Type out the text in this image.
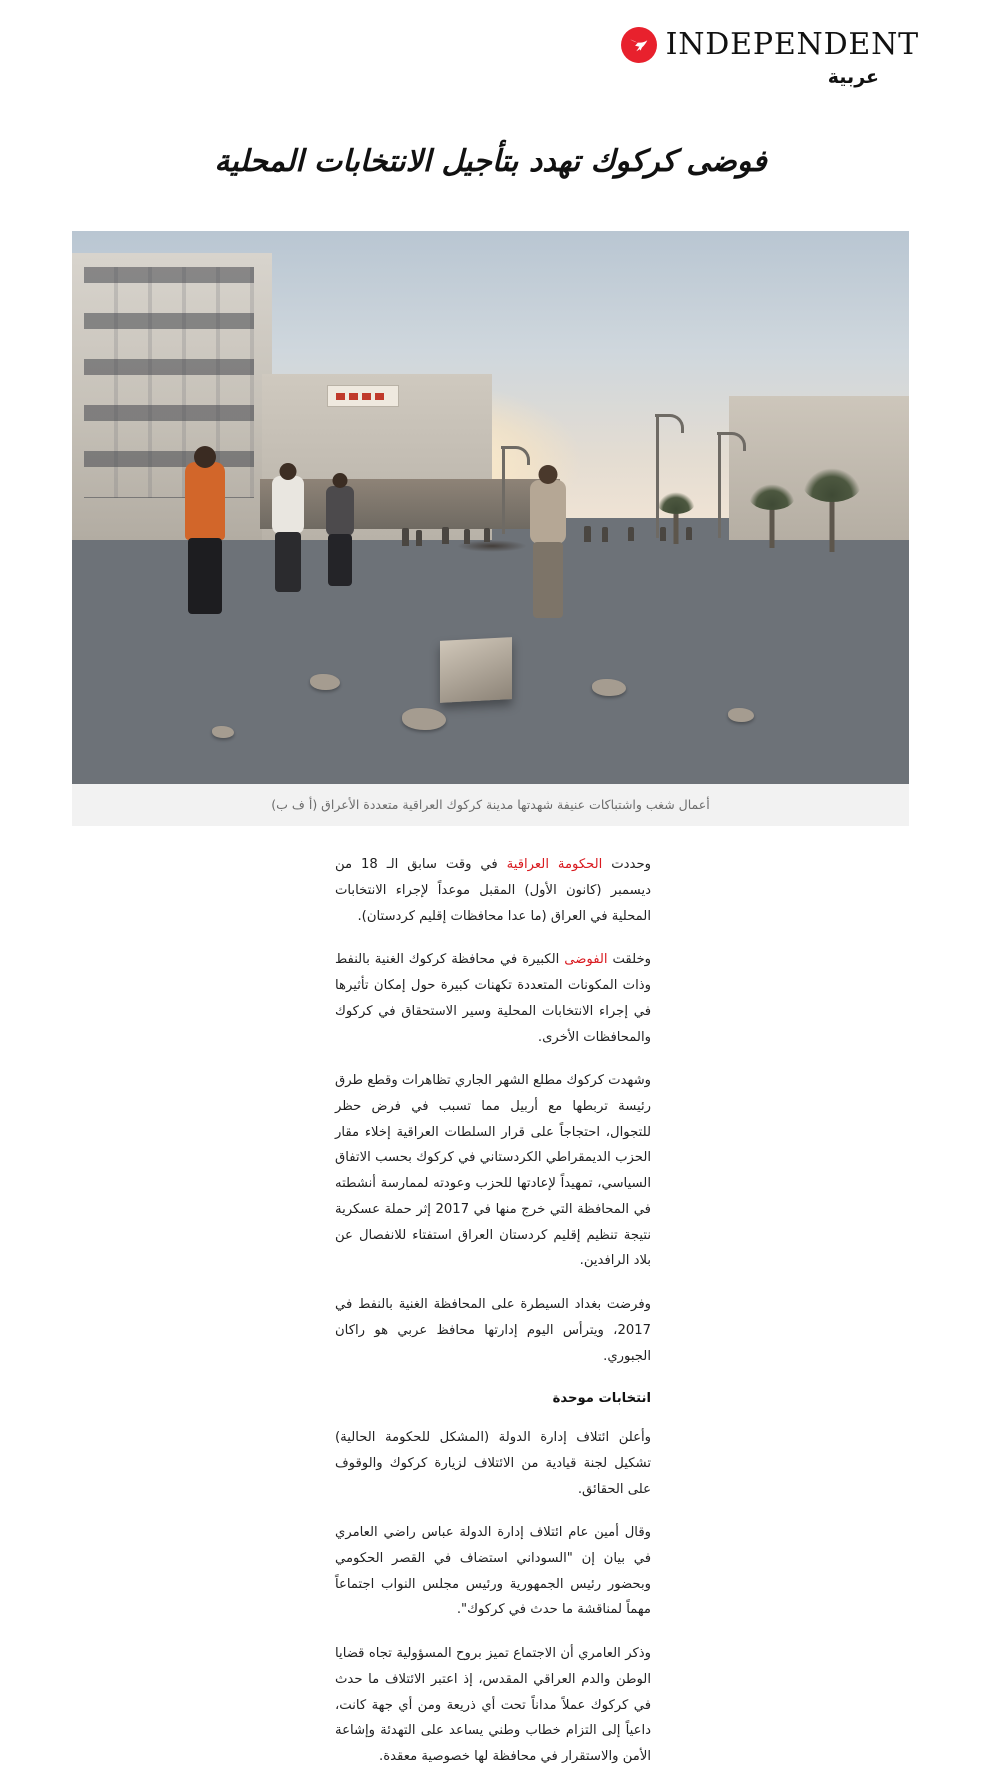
INDEPENDENT
عربية
فوضى كركوك تهدد بتأجيل الانتخابات المحلية
أعمال شغب واشتباكات عنيفة شهدتها مدينة كركوك العراقية متعددة الأعراق (أ ف ب)

وحددت الحكومة العراقية في وقت سابق الـ 18 من ديسمبر (كانون الأول) المقبل موعداً لإجراء الانتخابات المحلية في العراق (ما عدا محافظات إقليم كردستان).

وخلقت الفوضى الكبيرة في محافظة كركوك الغنية بالنفط وذات المكونات المتعددة تكهنات كبيرة حول إمكان تأثيرها في إجراء الانتخابات المحلية وسير الاستحقاق في كركوك والمحافظات الأخرى.

وشهدت كركوك مطلع الشهر الجاري تظاهرات وقطع طرق رئيسة تربطها مع أربيل مما تسبب في فرض حظر للتجوال، احتجاجاً على قرار السلطات العراقية إخلاء مقار الحزب الديمقراطي الكردستاني في كركوك بحسب الاتفاق السياسي، تمهيداً لإعادتها للحزب وعودته لممارسة أنشطته في المحافظة التي خرج منها في 2017 إثر حملة عسكرية نتيجة تنظيم إقليم كردستان العراق استفتاء للانفصال عن بلاد الرافدين.

وفرضت بغداد السيطرة على المحافظة الغنية بالنفط في 2017، ويترأس اليوم إدارتها محافظ عربي هو راكان الجبوري.

انتخابات موحدة

وأعلن ائتلاف إدارة الدولة (المشكل للحكومة الحالية) تشكيل لجنة قيادية من الائتلاف لزيارة كركوك والوقوف على الحقائق.

وقال أمين عام ائتلاف إدارة الدولة عباس راضي العامري في بيان إن "السوداني استضاف في القصر الحكومي وبحضور رئيس الجمهورية ورئيس مجلس النواب اجتماعاً مهماً لمناقشة ما حدث في كركوك".

وذكر العامري أن الاجتماع تميز بروح المسؤولية تجاه قضايا الوطن والدم العراقي المقدس، إذ اعتبر الائتلاف ما حدث في كركوك عملاً مداناً تحت أي ذريعة ومن أي جهة كانت، داعياً إلى التزام خطاب وطني يساعد على التهدئة وإشاعة الأمن والاستقرار في محافظة لها خصوصية معقدة.
